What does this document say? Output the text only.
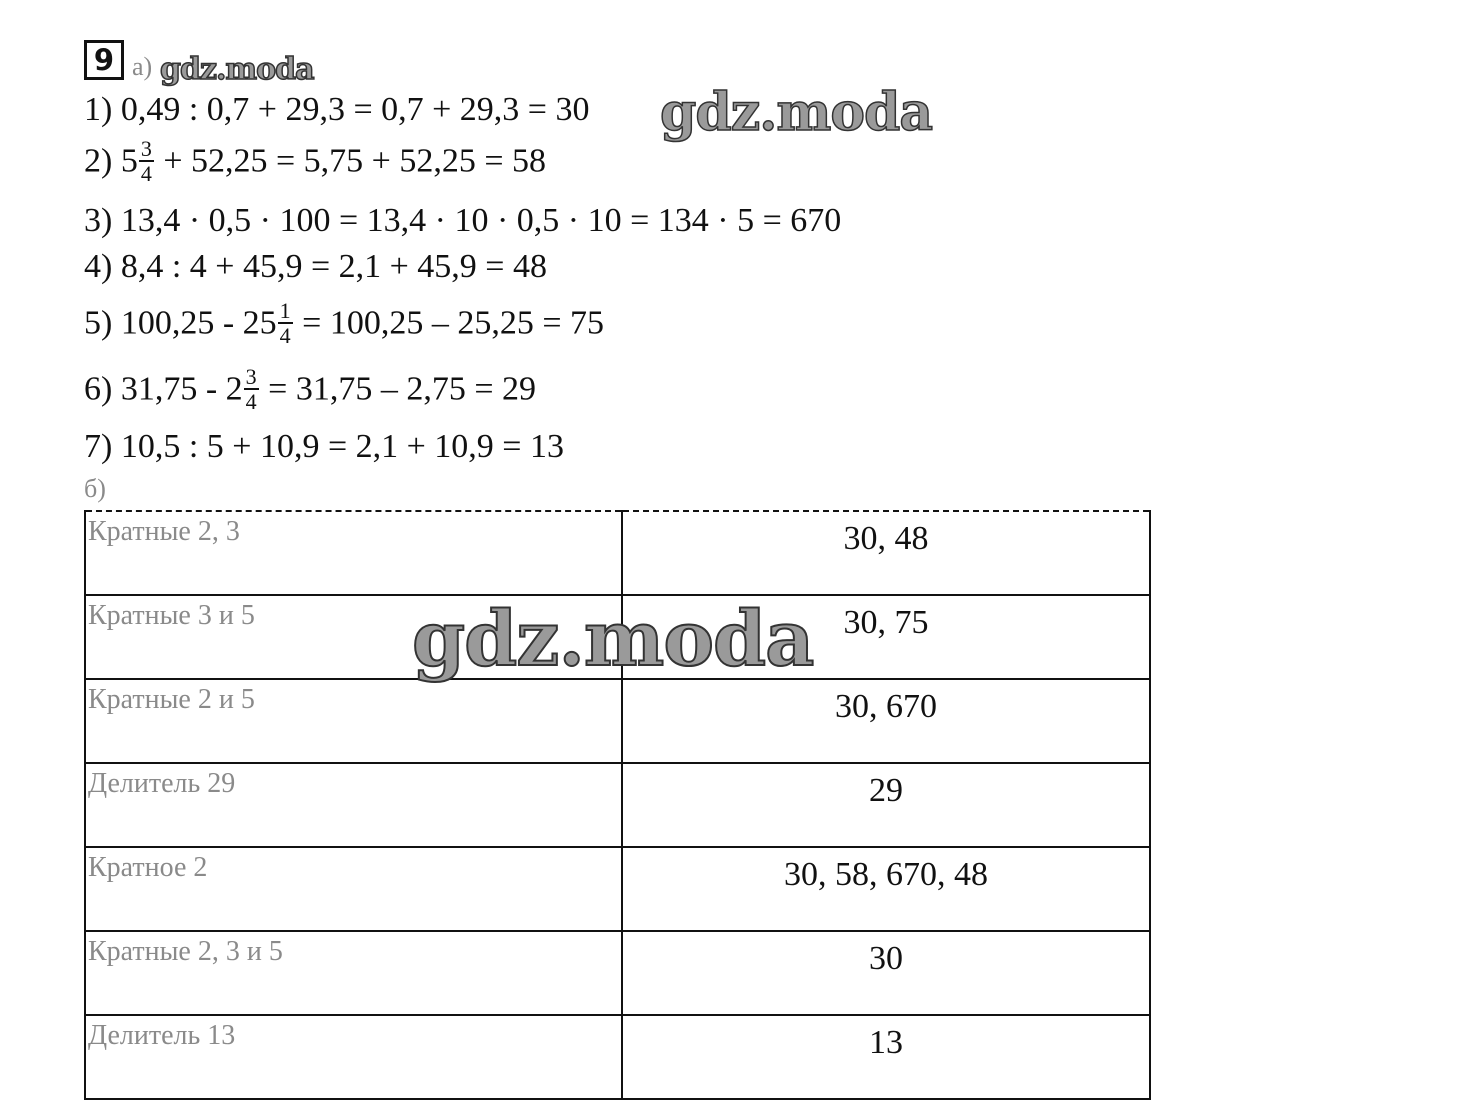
9 а)
1) 0,49 : 0,7 + 29,3 = 0,7 + 29,3 = 30
2) $5 \frac{3}{4} + 52,25 = 5,75 + 52,25 = 58$
3) 13,4 · 0,5 · 100 = 13,4 · 10 · 0,5 · 10 = 134 · 5 = 670
4) 8,4 : 4 + 45,9 = 2,1 + 45,9 = 48
5) $100,25 - 25 \frac{1}{4} = 100,25 - 25,25 = 75$
6) $31,75 - 2 \frac{3}{4} = 31,75 - 2,75 = 29$
7) 10,5 : 5 + 10,9 = 2,1 + 10,9 = 13
б)
Кратные 2, 3	30, 48
Кратные 3 и 5	30, 75
Кратные 2 и 5	30, 670
Делитель 29	29
Кратное 2	30, 58, 670, 48
Кратные 2, 3 и 5	30
Делитель 13	13
gdz.moda
gdz.moda
gdz.moda
